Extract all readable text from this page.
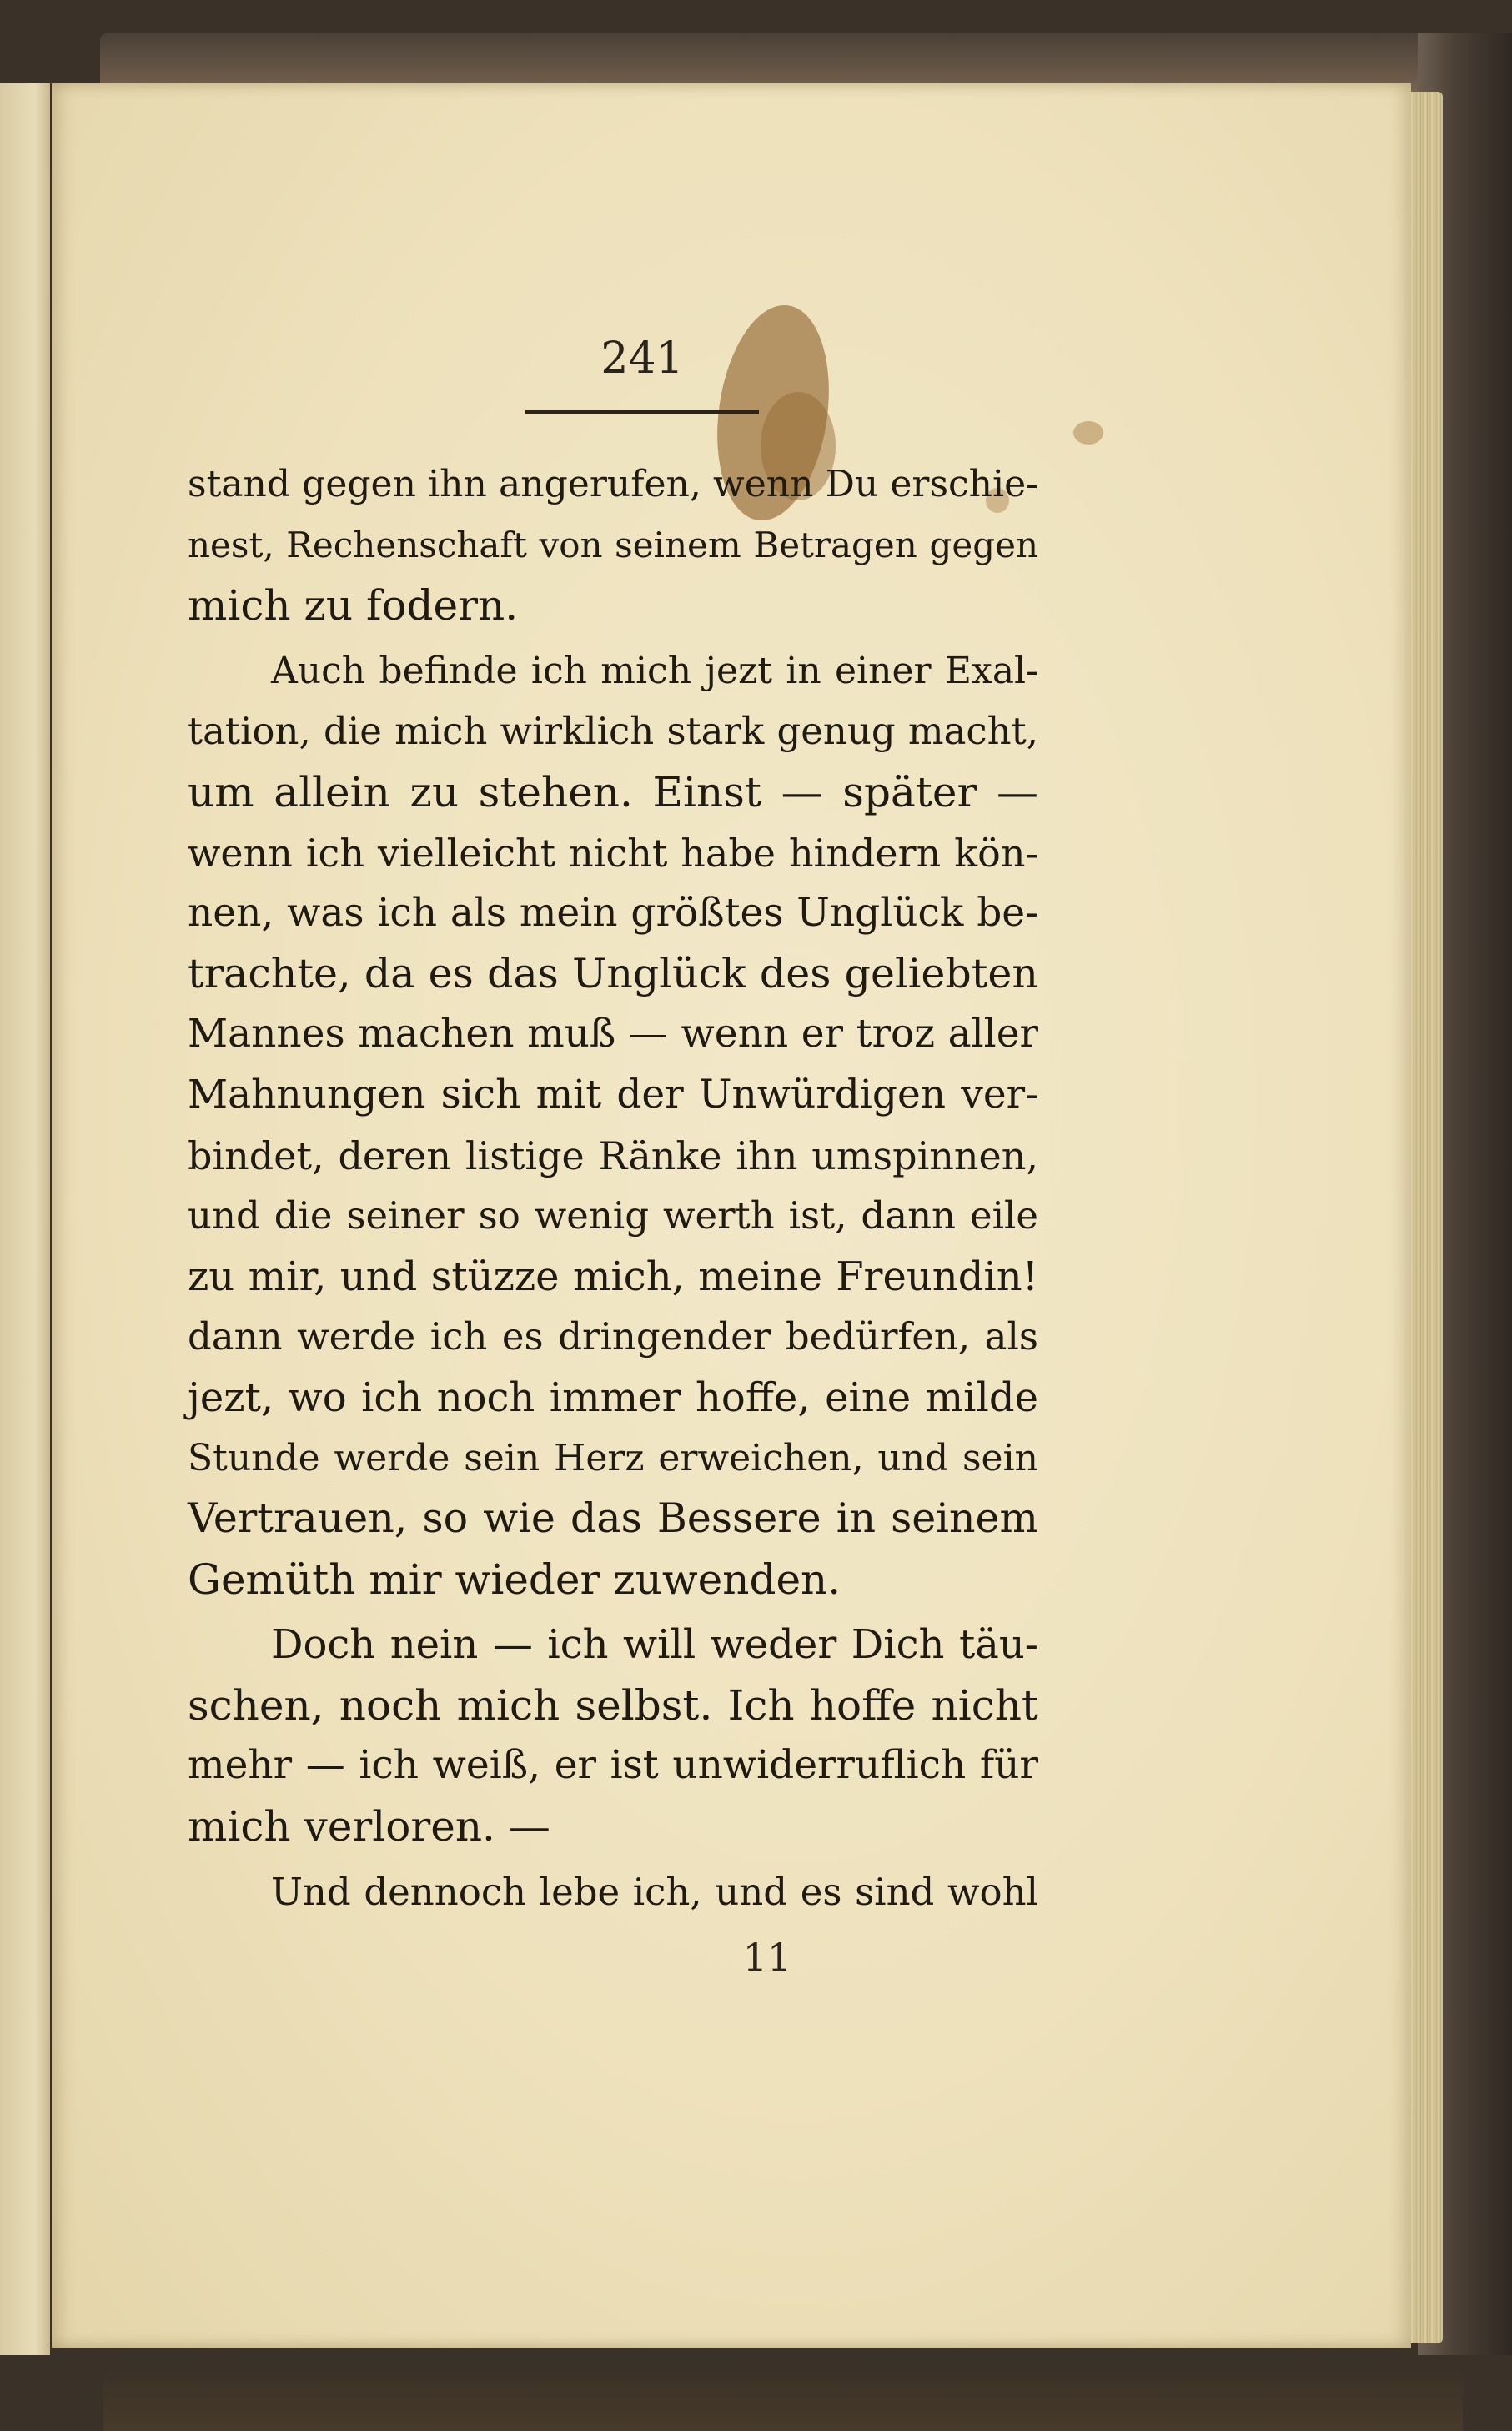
241
stand gegen ihn angerufen, wenn Du erschie-
nest, Rechenschaft von seinem Betragen gegen
mich zu fodern.
Auch befinde ich mich jezt in einer Exal-
tation, die mich wirklich stark genug macht,
um allein zu stehen. Einst — später —
wenn ich vielleicht nicht habe hindern kön-
nen, was ich als mein größtes Unglück be-
trachte, da es das Unglück des geliebten
Mannes machen muß — wenn er troz aller
Mahnungen sich mit der Unwürdigen ver-
bindet, deren listige Ränke ihn umspinnen,
und die seiner so wenig werth ist, dann eile
zu mir, und stüzze mich, meine Freundin!
dann werde ich es dringender bedürfen, als
jezt, wo ich noch immer hoffe, eine milde
Stunde werde sein Herz erweichen, und sein
Vertrauen, so wie das Bessere in seinem
Gemüth mir wieder zuwenden.
Doch nein — ich will weder Dich täu-
schen, noch mich selbst. Ich hoffe nicht
mehr — ich weiß, er ist unwiderruflich für
mich verloren. —
Und dennoch lebe ich, und es sind wohl
11
